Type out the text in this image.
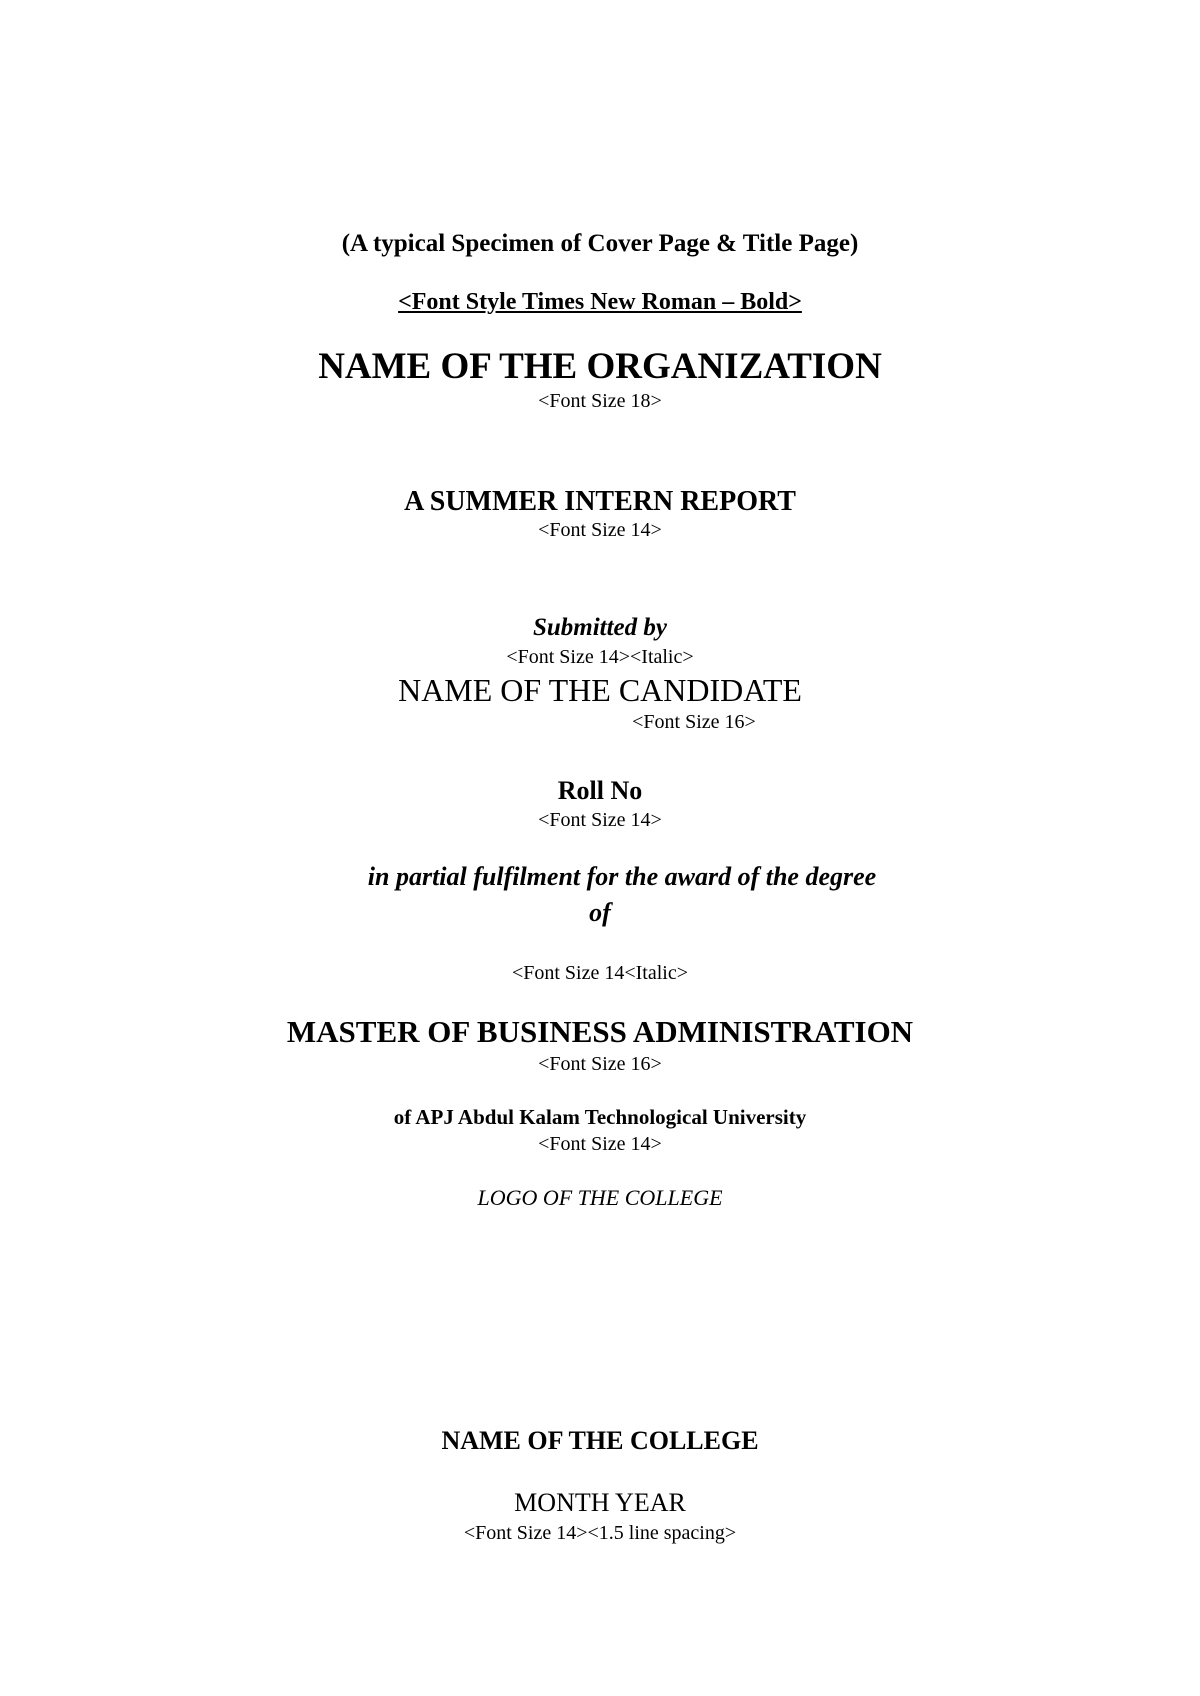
(A typical Specimen of Cover Page & Title Page)
<Font Style Times New Roman – Bold>
NAME OF THE ORGANIZATION
<Font Size 18>
A SUMMER INTERN REPORT
<Font Size 14>
Submitted by
<Font Size 14><Italic>
NAME OF THE CANDIDATE
<Font Size 16>
Roll No
<Font Size 14>
in partial fulfilment for the award of the degree
of
<Font Size 14<Italic>
MASTER OF BUSINESS ADMINISTRATION
<Font Size 16>
of APJ Abdul Kalam Technological University
<Font Size 14>
LOGO OF THE COLLEGE
NAME OF THE COLLEGE
MONTH YEAR
<Font Size 14><1.5 line spacing>
